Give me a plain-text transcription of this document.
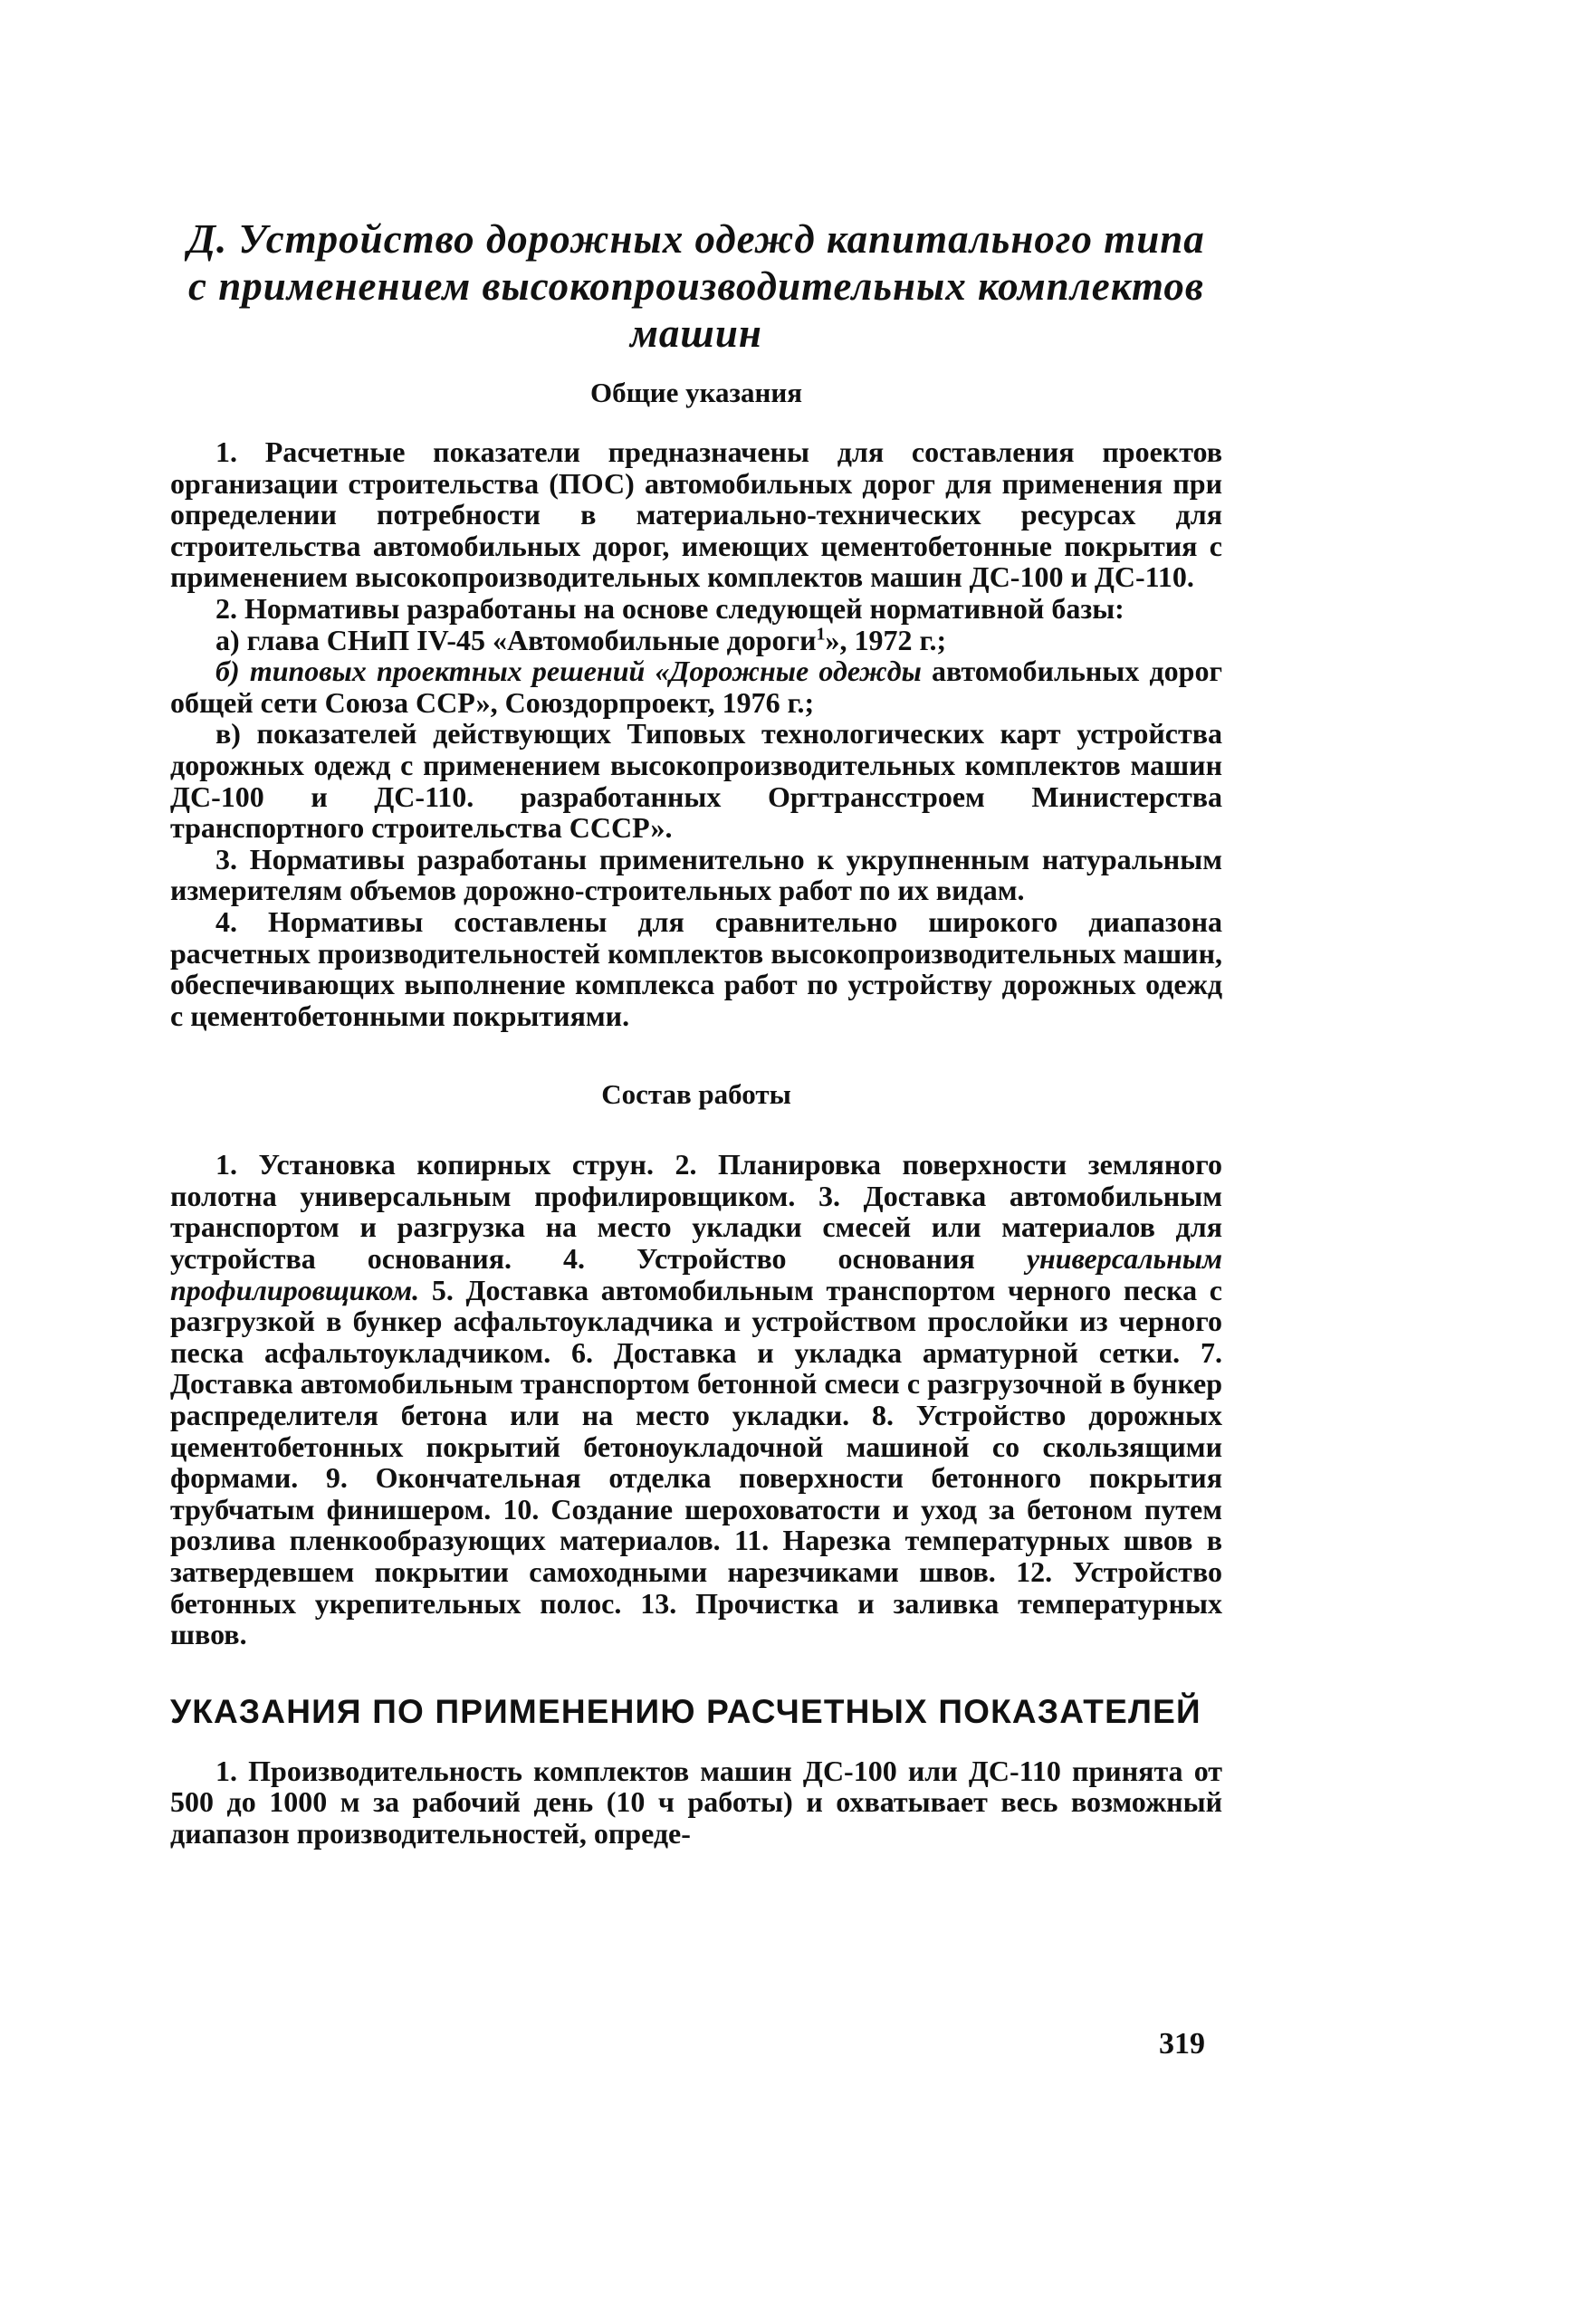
Д. Устройство дорожных одежд капитального типа
с применением высокопроизводительных комплектов
машин
Общие указания

1. Расчетные показатели предназначены для составления проектов организации строительства (ПОС) автомобильных дорог для применения при определении потребности в материально-технических ресурсах для строительства автомобильных дорог, имеющих цементобетонные покрытия с применением высокопроизводительных комплектов машин ДС-100 и ДС-110.

2. Нормативы разработаны на основе следующей нормативной базы:

а) глава СНиП IV-45 «Автомобильные дороги$^1$», 1972 г.;

б) типовых проектных решений «Дорожные одежды автомобильных дорог общей сети Союза ССР», Союздорпроект, 1976 г.;

в) показателей действующих Типовых технологических карт устройства дорожных одежд с применением высокопроизводительных комплектов машин ДС-100 и ДС-110. разработанных Оргтрансстроем Министерства транспортного строительства СССР».

3. Нормативы разработаны применительно к укрупненным натуральным измерителям объемов дорожно-строительных работ по их видам.

4. Нормативы составлены для сравнительно широкого диапазона расчетных производительностей комплектов высокопроизводительных машин, обеспечивающих выполнение комплекса работ по устройству дорожных одежд с цементобетонными покрытиями.

Состав работы

1. Установка копирных струн. 2. Планировка поверхности земляного полотна универсальным профилировщиком. 3. Доставка автомобильным транспортом и разгрузка на место укладки смесей или материалов для устройства основания. 4. Устройство основания универсальным профилировщиком. 5. Доставка автомобильным транспортом черного песка с разгрузкой в бункер асфальтоукладчика и устройством прослойки из черного песка асфальтоукладчиком. 6. Доставка и укладка арматурной сетки. 7. Доставка автомобильным транспортом бетонной смеси с разгрузочной в бункер распределителя бетона или на место укладки. 8. Устройство дорожных цементобетонных покрытий бетоноукладочной машиной со скользящими формами. 9. Окончательная отделка поверхности бетонного покрытия трубчатым финишером. 10. Создание шероховатости и уход за бетоном путем розлива пленкообразующих материалов. 11. Нарезка температурных швов в затвердевшем покрытии самоходными нарезчиками швов. 12. Устройство бетонных укрепительных полос. 13. Прочистка и заливка температурных швов.

УКАЗАНИЯ ПО ПРИМЕНЕНИЮ РАСЧЕТНЫХ ПОКАЗАТЕЛЕЙ

1. Производительность комплектов машин ДС-100 или ДС-110 принята от 500 до 1000 м за рабочий день (10 ч работы) и охватывает весь возможный диапазон производительностей, опреде-

319
